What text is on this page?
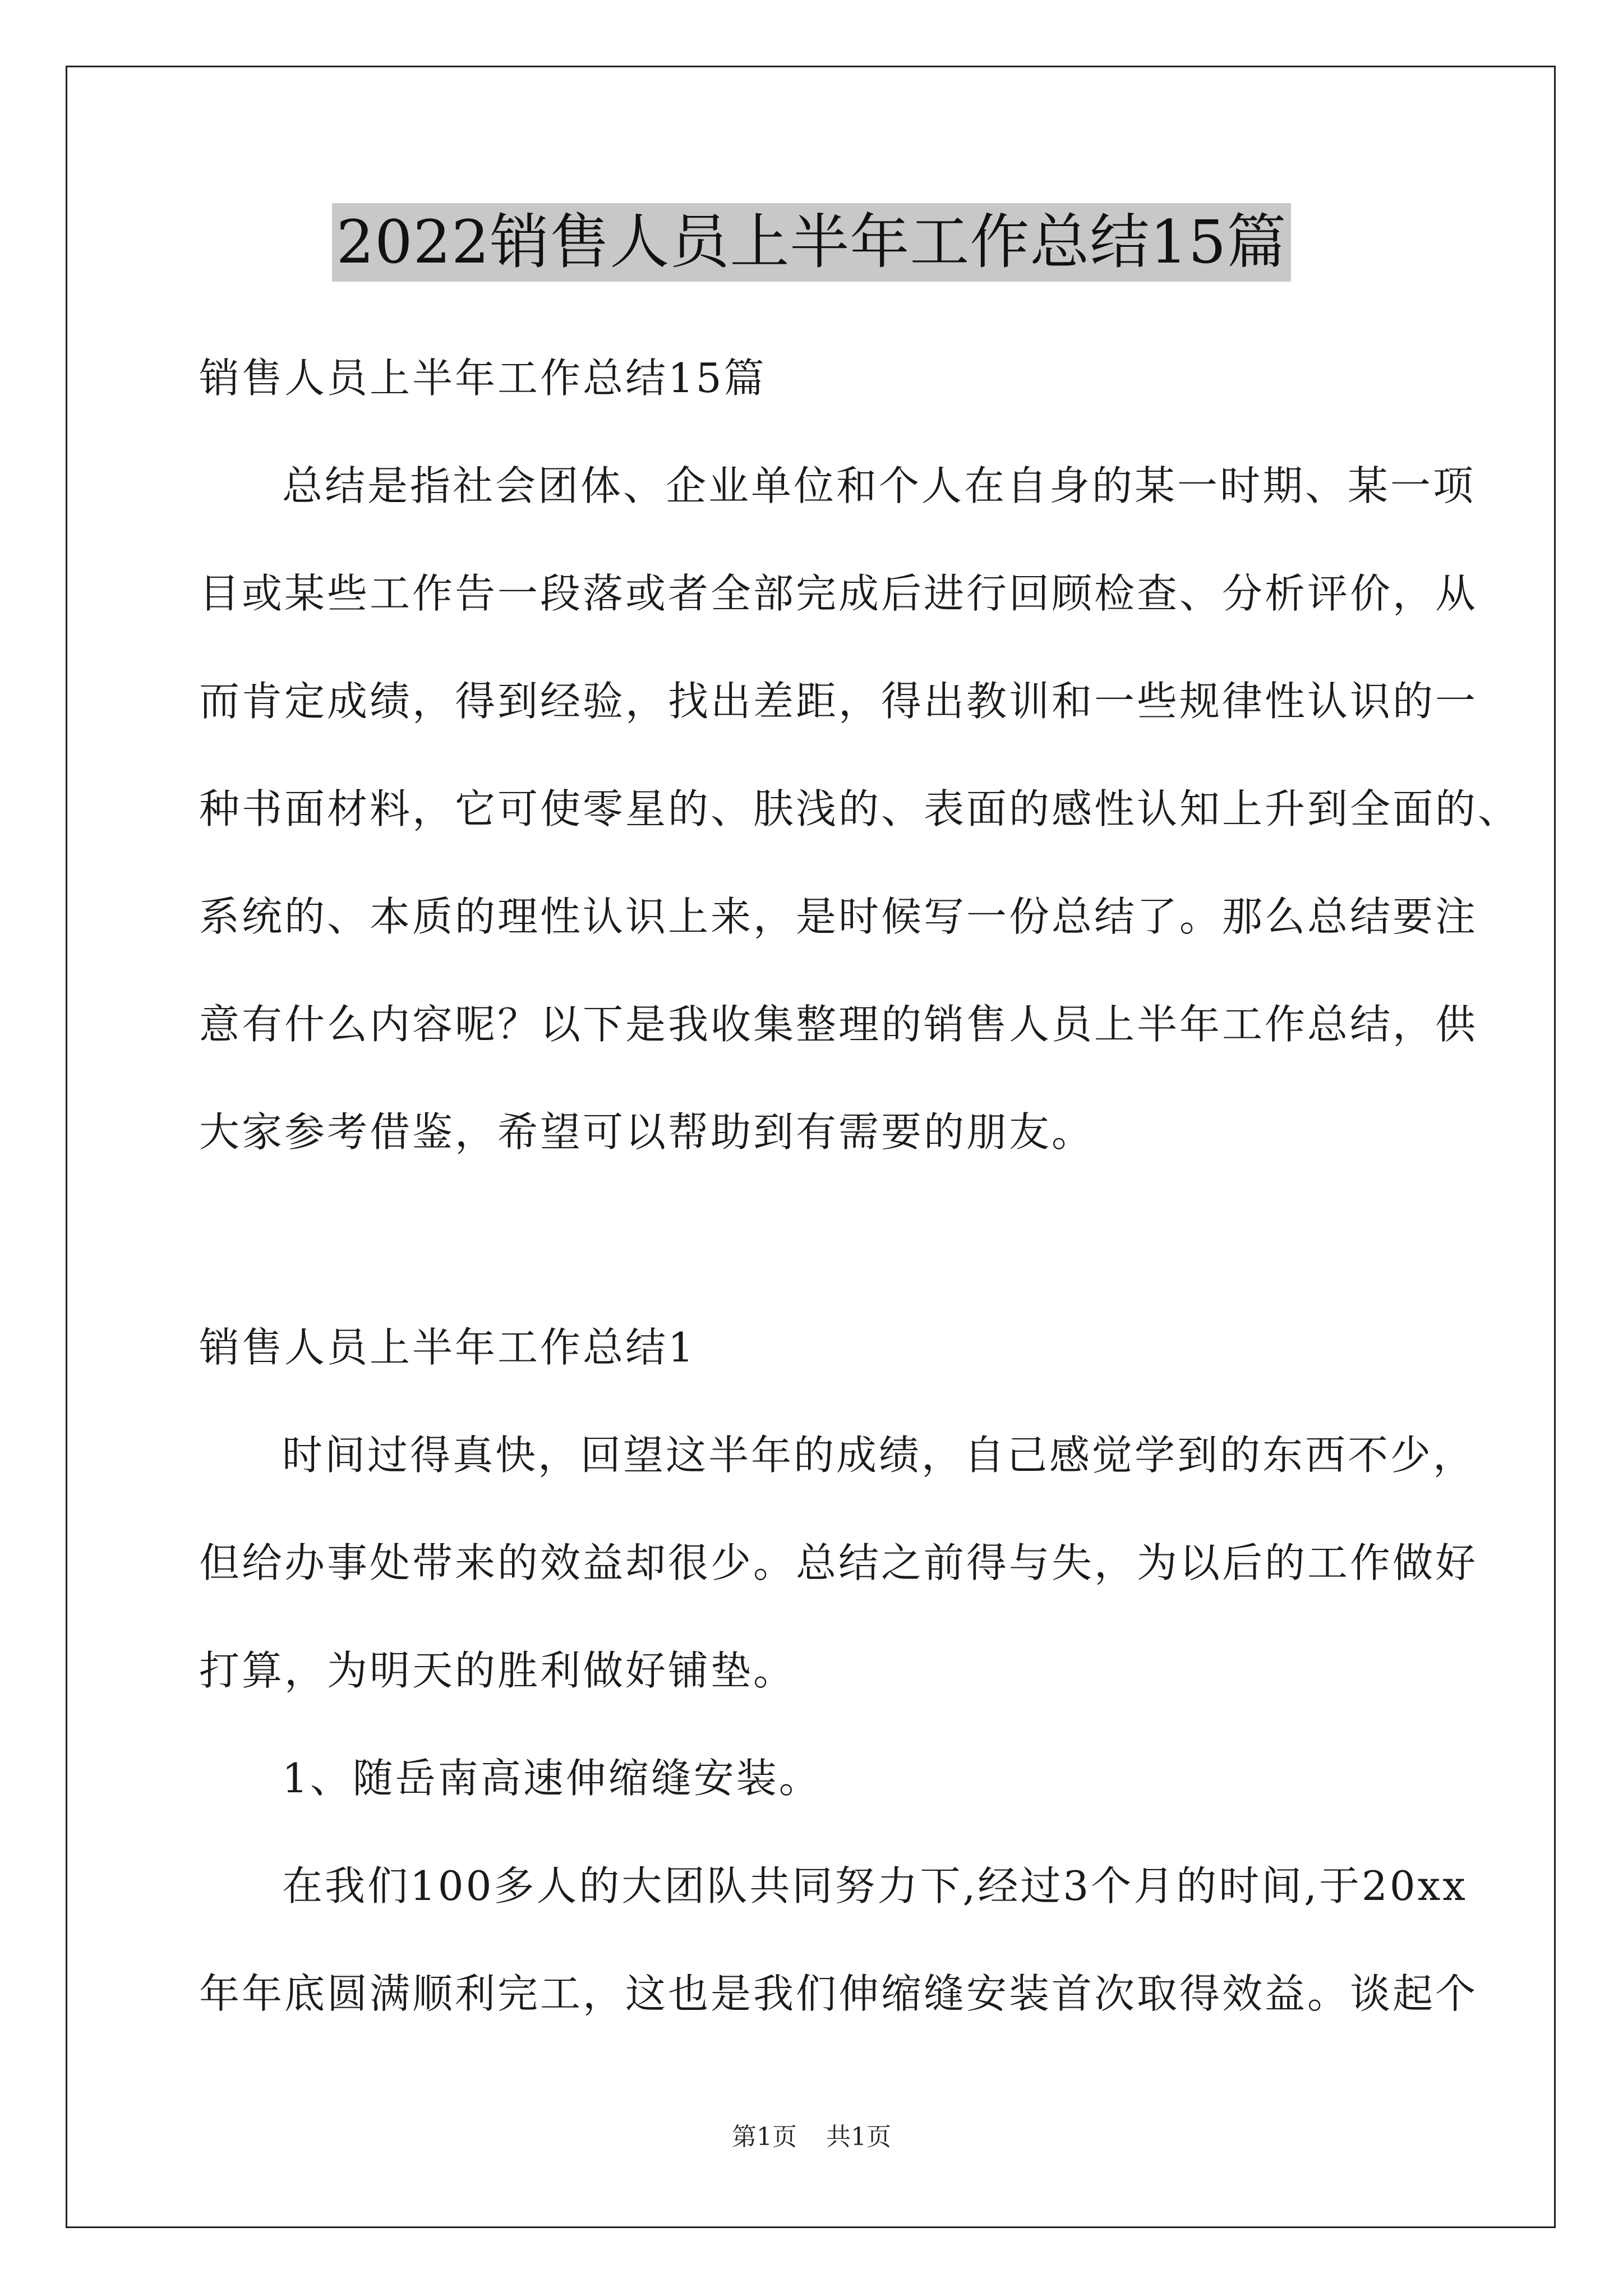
2022销售人员上半年工作总结15篇
销售人员上半年工作总结15篇
总结是指社会团体、企业单位和个人在自身的某一时期、某一项
目或某些工作告一段落或者全部完成后进行回顾检查、分析评价，从
而肯定成绩，得到经验，找出差距，得出教训和一些规律性认识的一
种书面材料，它可使零星的、肤浅的、表面的感性认知上升到全面的、
系统的、本质的理性认识上来，是时候写一份总结了。那么总结要注
意有什么内容呢？以下是我收集整理的销售人员上半年工作总结，供
大家参考借鉴，希望可以帮助到有需要的朋友。
销售人员上半年工作总结1
时间过得真快，回望这半年的成绩，自己感觉学到的东西不少，
但给办事处带来的效益却很少。总结之前得与失，为以后的工作做好
打算，为明天的胜利做好铺垫。
1、随岳南高速伸缩缝安装。
在我们100多人的大团队共同努力下,经过3个月的时间,于20xx
年年底圆满顺利完工，这也是我们伸缩缝安装首次取得效益。谈起个
第1页 共1页
